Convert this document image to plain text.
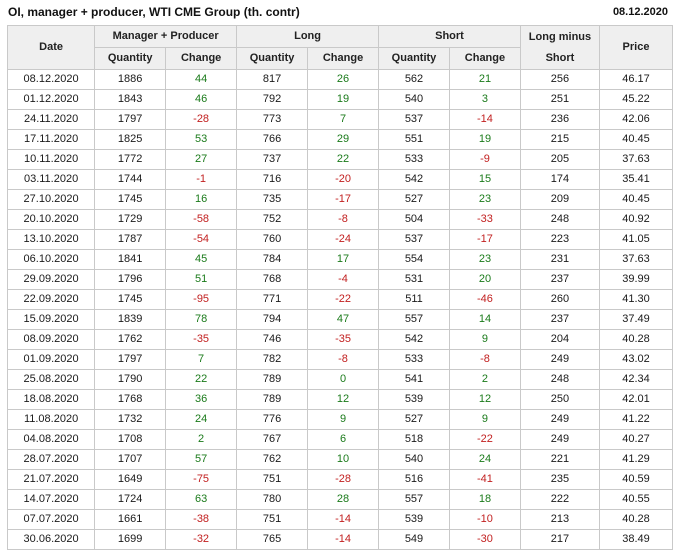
OI, manager + producer, WTI CME Group (th. contr)	08.12.2020
Date	Manager + Producer		Long		Short		Long minus Short	Price
	Quantity	Change	Quantity	Change	Quantity	Change		
08.12.2020	1886	44	817	26	562	21	256	46.17
01.12.2020	1843	46	792	19	540	3	251	45.22
24.11.2020	1797	-28	773	7	537	-14	236	42.06
17.11.2020	1825	53	766	29	551	19	215	40.45
10.11.2020	1772	27	737	22	533	-9	205	37.63
03.11.2020	1744	-1	716	-20	542	15	174	35.41
27.10.2020	1745	16	735	-17	527	23	209	40.45
20.10.2020	1729	-58	752	-8	504	-33	248	40.92
13.10.2020	1787	-54	760	-24	537	-17	223	41.05
06.10.2020	1841	45	784	17	554	23	231	37.63
29.09.2020	1796	51	768	-4	531	20	237	39.99
22.09.2020	1745	-95	771	-22	511	-46	260	41.30
15.09.2020	1839	78	794	47	557	14	237	37.49
08.09.2020	1762	-35	746	-35	542	9	204	40.28
01.09.2020	1797	7	782	-8	533	-8	249	43.02
25.08.2020	1790	22	789	0	541	2	248	42.34
18.08.2020	1768	36	789	12	539	12	250	42.01
11.08.2020	1732	24	776	9	527	9	249	41.22
04.08.2020	1708	2	767	6	518	-22	249	40.27
28.07.2020	1707	57	762	10	540	24	221	41.29
21.07.2020	1649	-75	751	-28	516	-41	235	40.59
14.07.2020	1724	63	780	28	557	18	222	40.55
07.07.2020	1661	-38	751	-14	539	-10	213	40.28
30.06.2020	1699	-32	765	-14	549	-30	217	38.49
